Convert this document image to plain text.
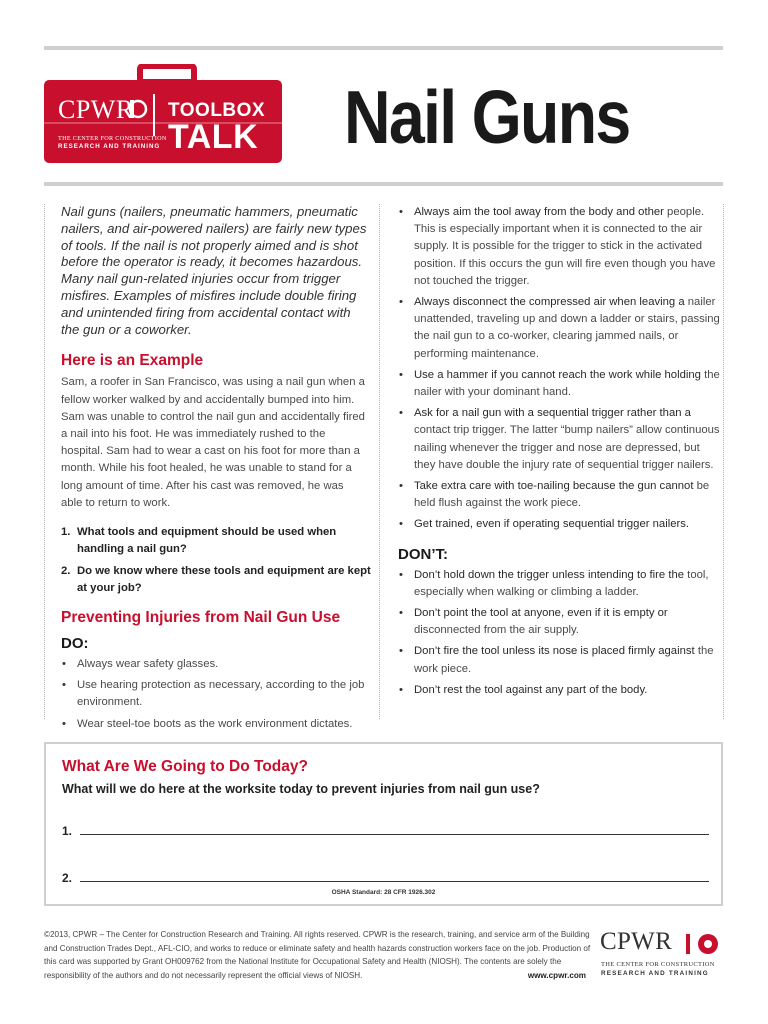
CPWR
THE CENTER FOR CONSTRUCTION
RESEARCH AND TRAINING
TOOLBOX
TALK Nail Guns

Nail guns (nailers, pneumatic hammers, pneumatic nailers, and air-powered nailers) are fairly new types of tools. If the nail is not properly aimed and is shot before the operator is ready, it becomes hazardous. Many nail gun-related injuries occur from trigger misfires. Examples of misfires include double firing and unintended firing from accidental contact with the gun or a coworker.

Here is an Example

Sam, a roofer in San Francisco, was using a nail gun when a fellow worker walked by and accidentally bumped into him. Sam was unable to control the nail gun and accidentally fired a nail into his foot. He was immediately rushed to the hospital. Sam had to wear a cast on his foot for more than a month. While his foot healed, he was unable to stand for a long amount of time. After his cast was removed, he was able to return to work.

1. What tools and equipment should be used when handling a nail gun?
2. Do we know where these tools and equipment are kept at your job?
Preventing Injuries from Nail Gun Use
DO:
• Always wear safety glasses.
• Use hearing protection as necessary, according to the job environment.
• Wear steel-toe boots as the work environment dictates.
• Always aim the tool away from the body and other people. This is especially important when it is connected to the air supply. It is possible for the trigger to stick in the activated position. If this occurs the gun will fire even though you have not touched the trigger.
• Always disconnect the compressed air when leaving a nailer unattended, traveling up and down a ladder or stairs, passing the nail gun to a co-worker, clearing jammed nails, or performing maintenance.
• Use a hammer if you cannot reach the work while holding the nailer with your dominant hand.
• Ask for a nail gun with a sequential trigger rather than a contact trip trigger. The latter “bump nailers” allow continuous nailing whenever the trigger and nose are depressed, but they have double the injury rate of sequential trigger nailers.
• Take extra care with toe-nailing because the gun cannot be held flush against the work piece.
• Get trained, even if operating sequential trigger nailers.
DON’T:
• Don’t hold down the trigger unless intending to fire the tool, especially when walking or climbing a ladder.
• Don’t point the tool at anyone, even if it is empty or disconnected from the air supply.
• Don’t fire the tool unless its nose is placed firmly against the work piece.
• Don’t rest the tool against any part of the body.
What Are We Going to Do Today?

What will we do here at the worksite today to prevent injuries from nail gun use?

1.
2.
OSHA Standard: 28 CFR 1926.302
©2013, CPWR – The Center for Construction Research and Training. All rights reserved. CPWR is the research, training, and service arm of the Building and Construction Trades Dept., AFL-CIO, and works to reduce or eliminate safety and health hazards construction workers face on the job. Production of this card was supported by Grant OH009762 from the National Institute for Occupational Safety and Health (NIOSH). The contents are solely the responsibility of the authors and do not necessarily represent the official views of NIOSH.	www.cpwr.com
CPWR
THE CENTER FOR CONSTRUCTION
RESEARCH AND TRAINING
